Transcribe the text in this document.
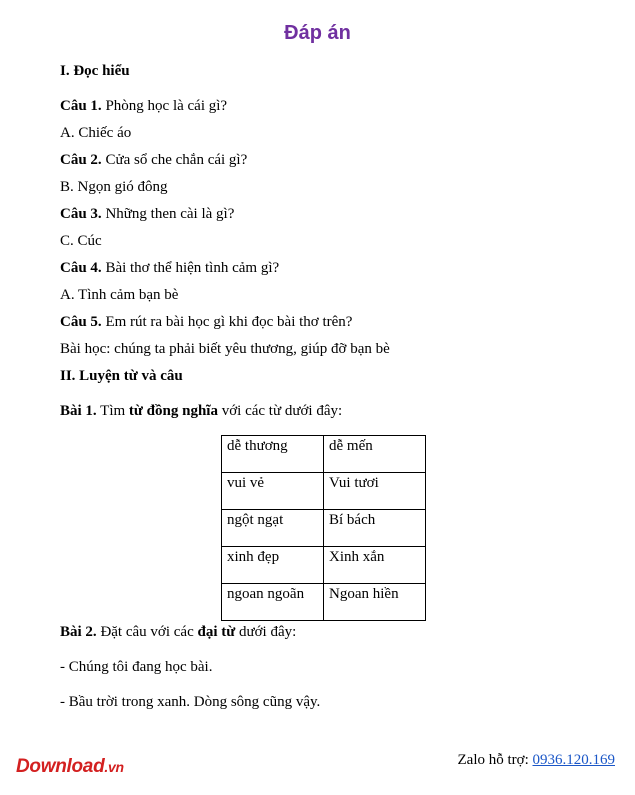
Đáp án
I. Đọc hiểu
Câu 1. Phòng học là cái gì?
A. Chiếc áo
Câu 2. Cửa sổ che chắn cái gì?
B. Ngọn gió đông
Câu 3. Những then cài là gì?
C. Cúc
Câu 4. Bài thơ thể hiện tình cảm gì?
A. Tình cảm bạn bè
Câu 5. Em rút ra bài học gì khi đọc bài thơ trên?
Bài học: chúng ta phải biết yêu thương, giúp đỡ bạn bè
II. Luyện từ và câu
Bài 1. Tìm từ đồng nghĩa với các từ dưới đây:
dễ thương	dễ mến
vui vẻ	Vui tươi
ngột ngạt	Bí bách
xinh đẹp	Xinh xắn
ngoan ngoãn	Ngoan hiền
Bài 2. Đặt câu với các đại từ dưới đây:
- Chúng tôi đang học bài.
- Bầu trời trong xanh. Dòng sông cũng vậy.
Download.vn	Zalo hỗ trợ: 0936.120.169
